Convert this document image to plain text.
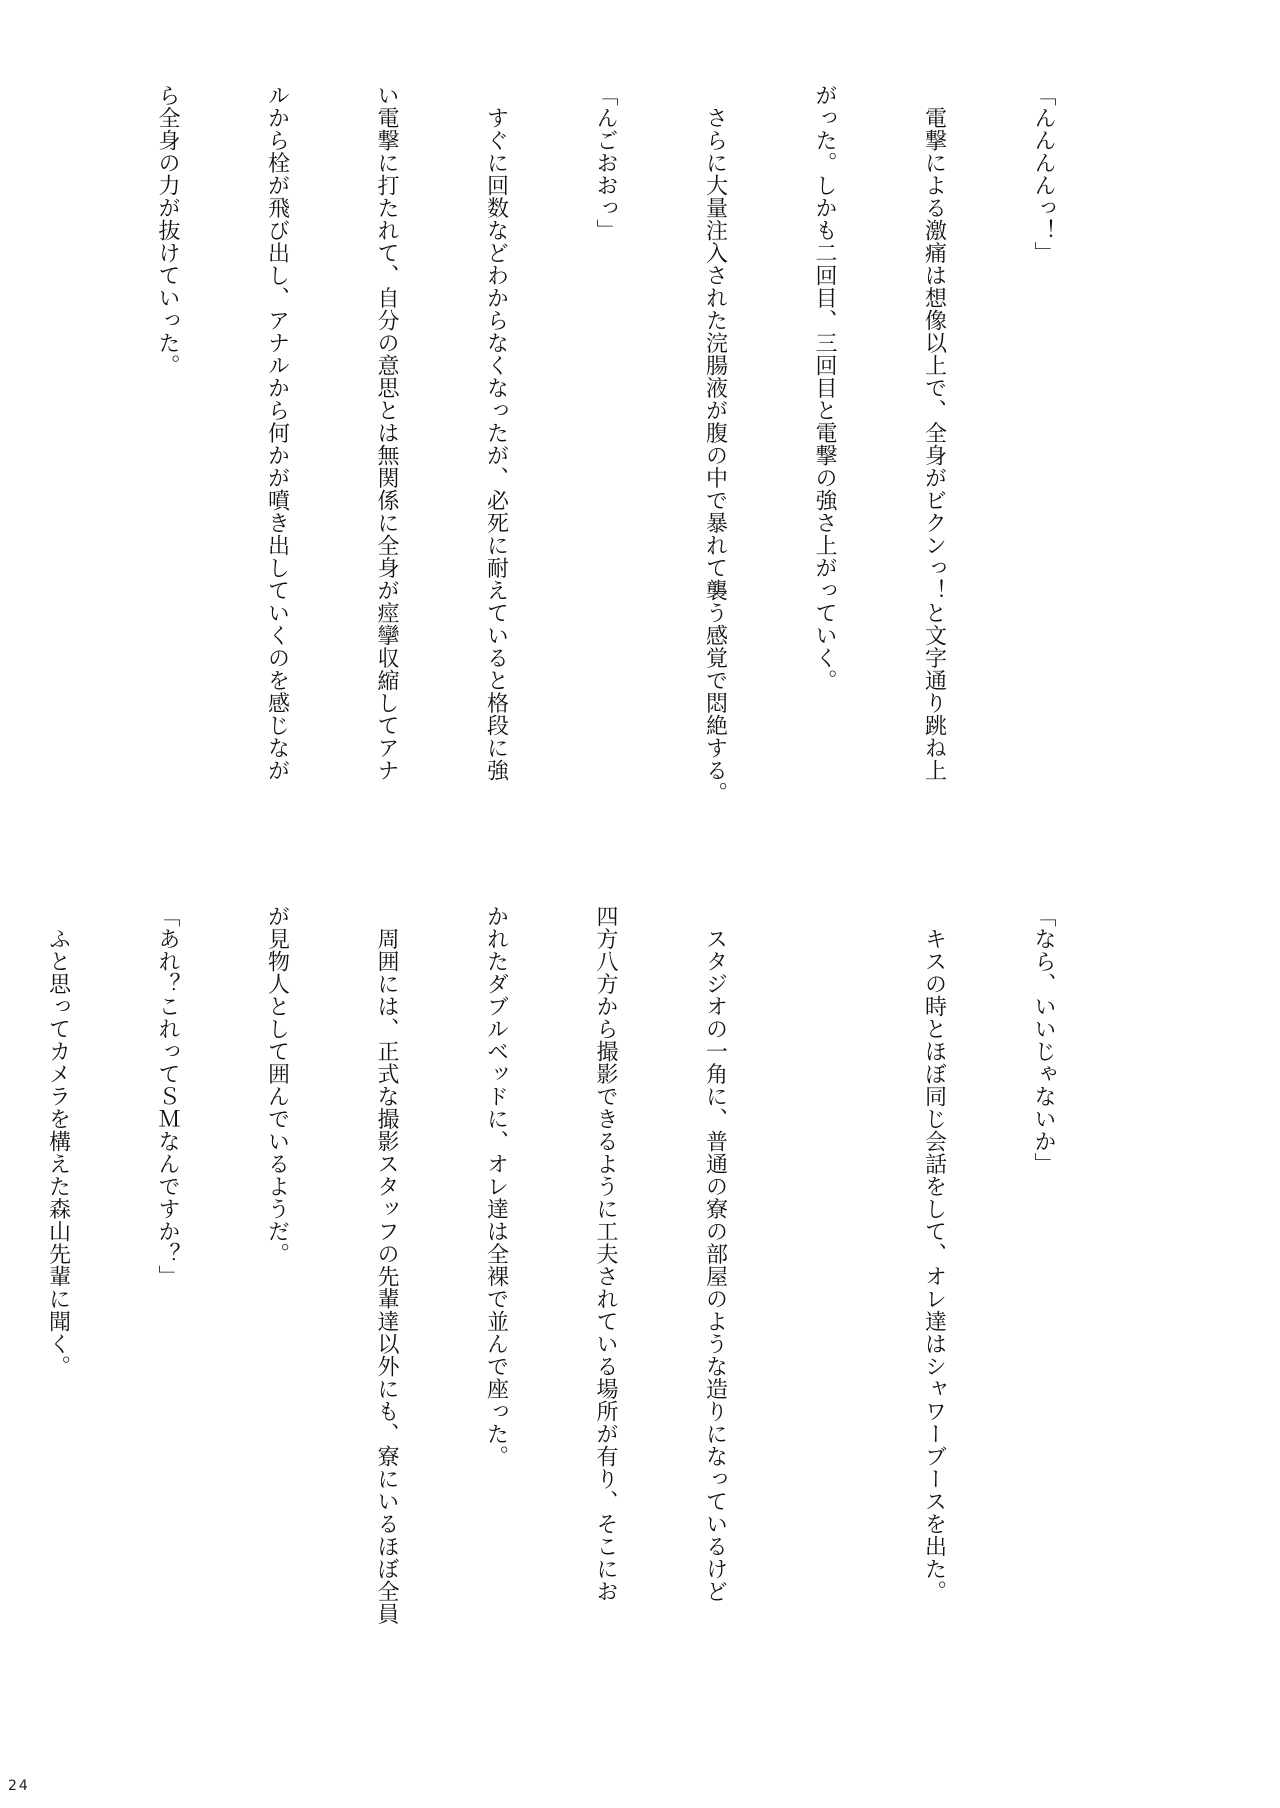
「んんんんっ！」

　電撃による激痛は想像以上で、全身がビクンっ！と文字通り跳ね上

がった。しかも二回目、三回目と電撃の強さ上がっていく。

　さらに大量注入された浣腸液が腹の中で暴れて襲う感覚で悶絶する。

「んごおおっ」

　すぐに回数などわからなくなったが、必死に耐えていると格段に強

い電撃に打たれて、自分の意思とは無関係に全身が痙攣収縮してアナ

ルから栓が飛び出し、アナルから何かが噴き出していくのを感じなが

ら全身の力が抜けていった。

「なら、いいじゃないか」

　キスの時とほぼ同じ会話をして、オレ達はシャワーブースを出た。

　スタジオの一角に、普通の寮の部屋のような造りになっているけど

四方八方から撮影できるように工夫されている場所が有り、そこにお

かれたダブルベッドに、オレ達は全裸で並んで座った。

　周囲には、正式な撮影スタッフの先輩達以外にも、寮にいるほぼ全員

が見物人として囲んでいるようだ。

「あれ？これってＳＭなんですか？」

　ふと思ってカメラを構えた森山先輩に聞く。

24
